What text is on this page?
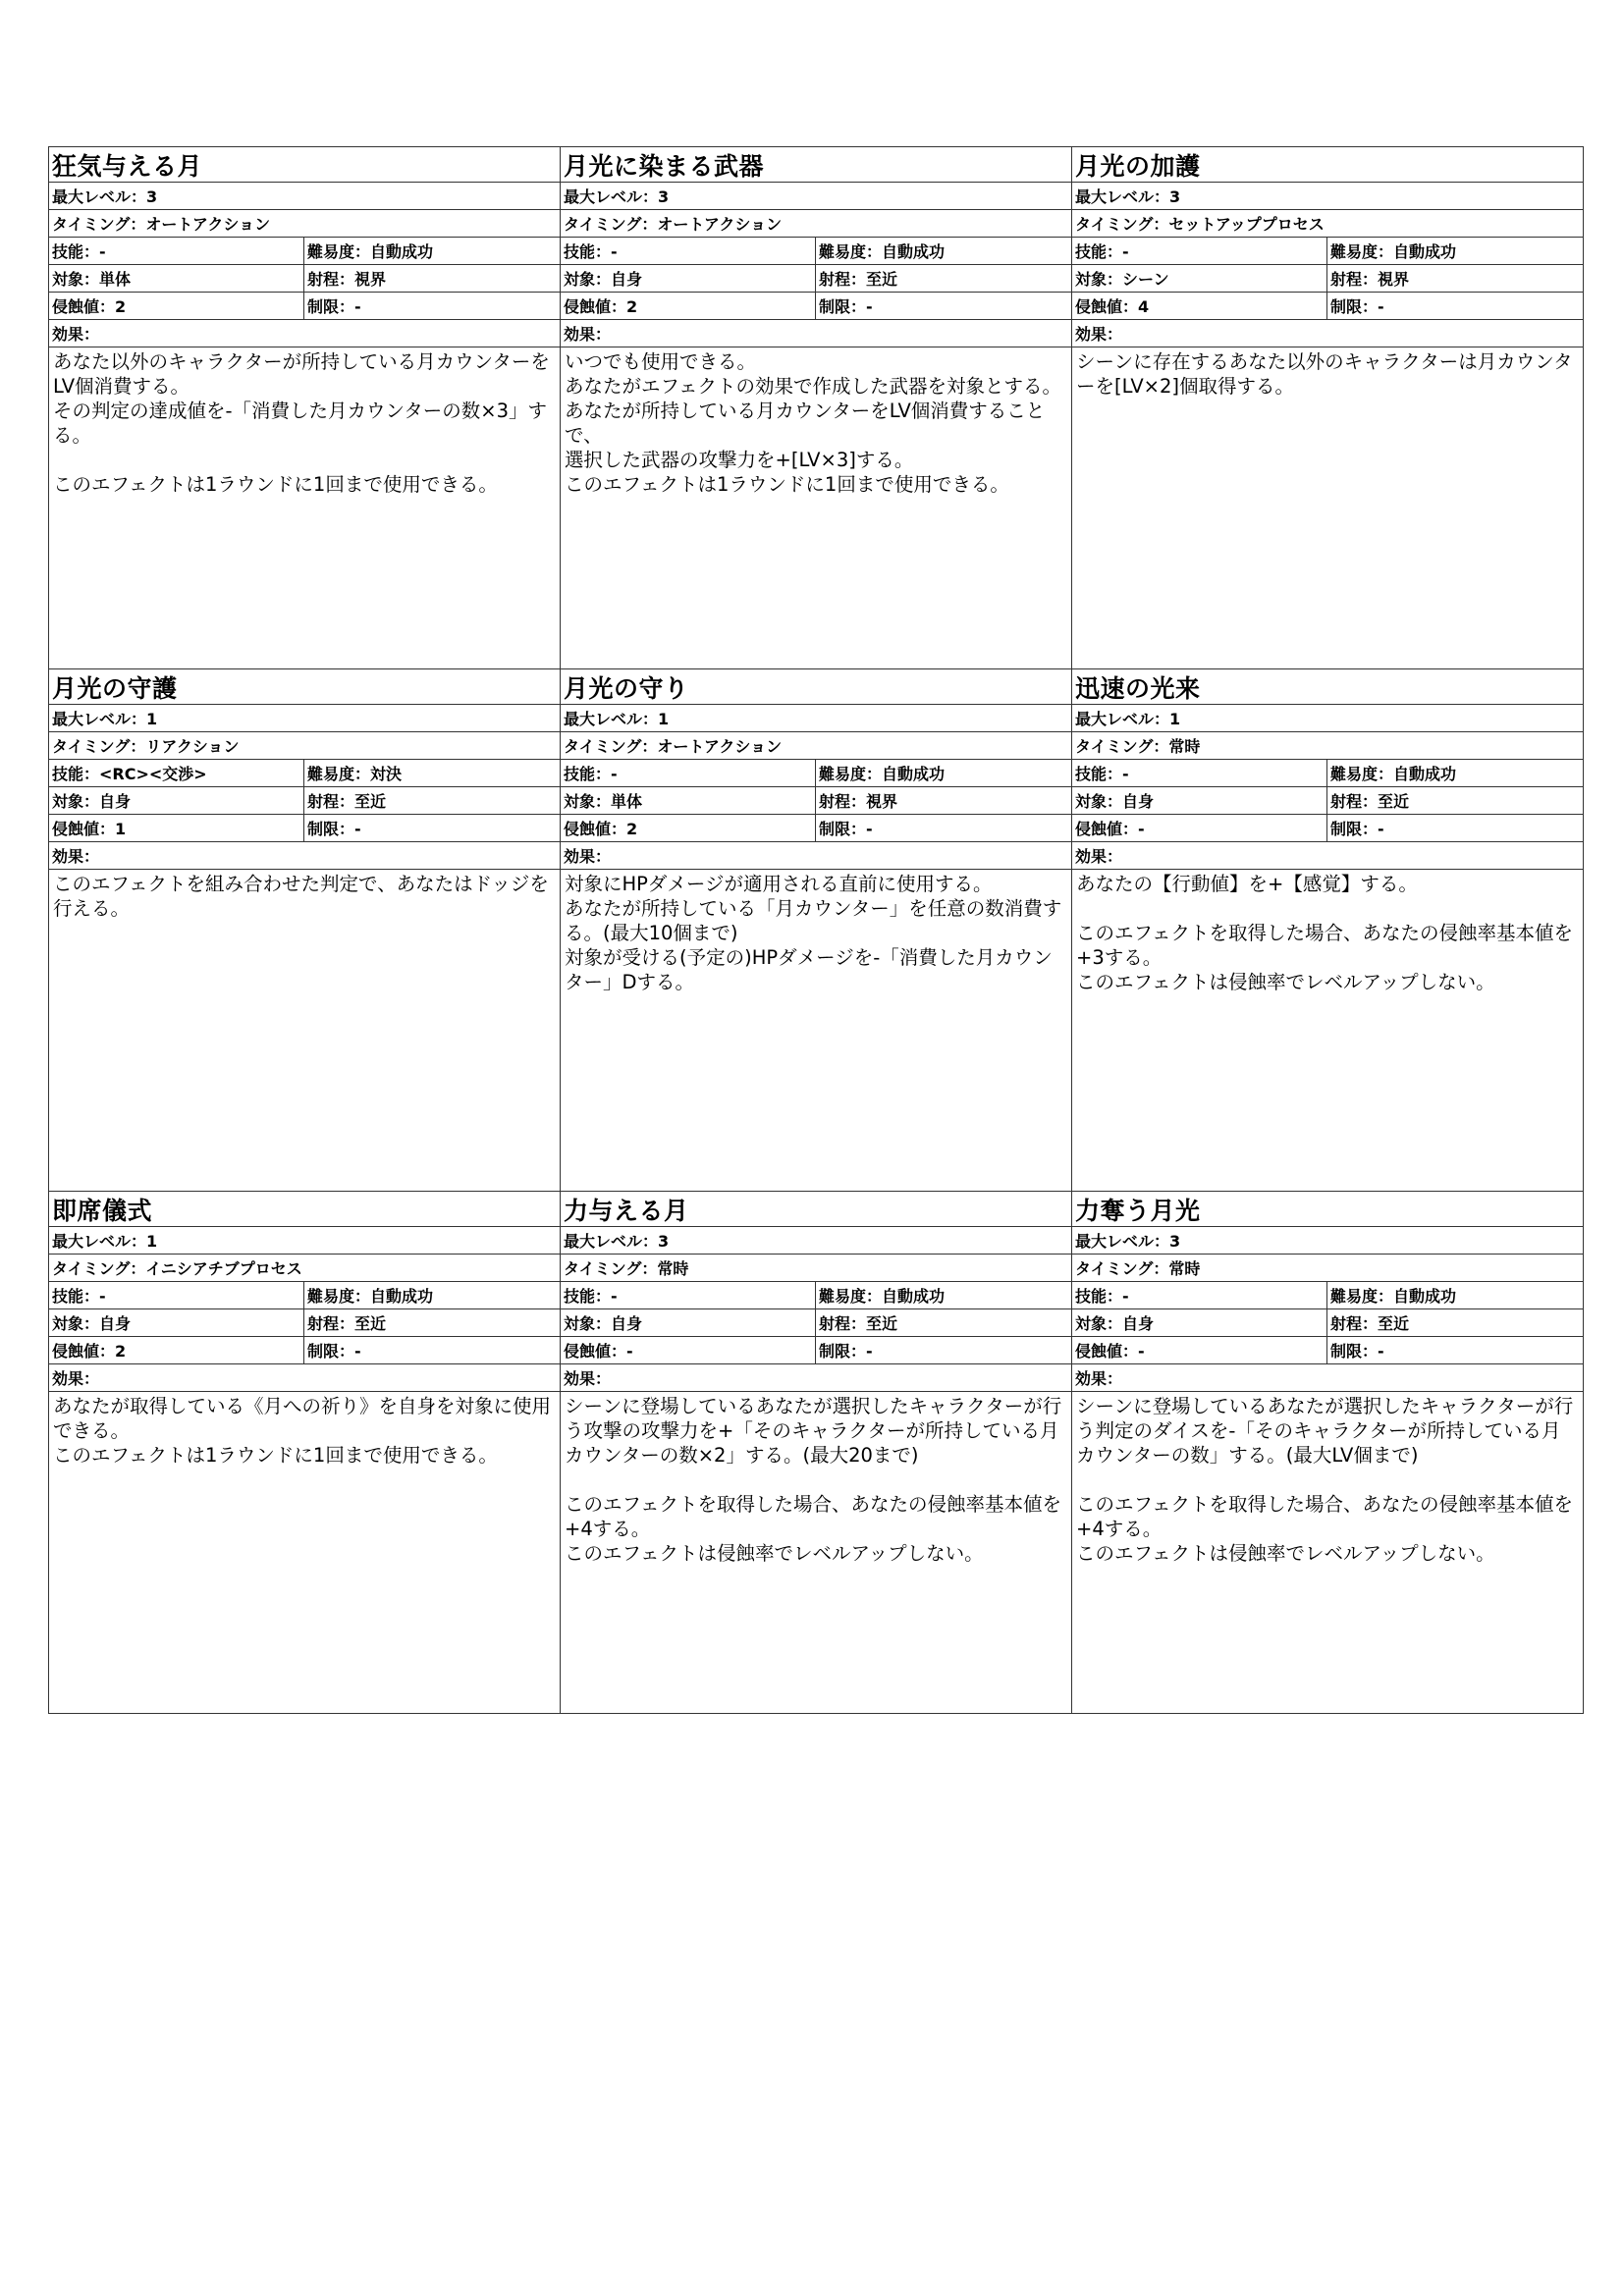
狂気与える月
最大レベル：3
タイミング：オートアクション
技能：-	難易度：自動成功
対象：単体	射程：視界
侵蝕値：2	制限：-
効果：
あなた以外のキャラクターが所持している月カウンターをLV個消費する。
その判定の達成値を-「消費した月カウンターの数×3」する。

このエフェクトは1ラウンドに1回まで使用できる。
月光に染まる武器
最大レベル：3
タイミング：オートアクション
技能：-	難易度：自動成功
対象：自身	射程：至近
侵蝕値：2	制限：-
効果：
いつでも使用できる。
あなたがエフェクトの効果で作成した武器を対象とする。
あなたが所持している月カウンターをLV個消費することで、
選択した武器の攻撃力を+[LV×3]する。
このエフェクトは1ラウンドに1回まで使用できる。
月光の加護
最大レベル：3
タイミング：セットアッププロセス
技能：-	難易度：自動成功
対象：シーン	射程：視界
侵蝕値：4	制限：-
効果：
シーンに存在するあなた以外のキャラクターは月カウンターを[LV×2]個取得する。
月光の守護
最大レベル：1
タイミング：リアクション
技能：<RC><交渉>	難易度：対決
対象：自身	射程：至近
侵蝕値：1	制限：-
効果：
このエフェクトを組み合わせた判定で、あなたはドッジを行える。
月光の守り
最大レベル：1
タイミング：オートアクション
技能：-	難易度：自動成功
対象：単体	射程：視界
侵蝕値：2	制限：-
効果：
対象にHPダメージが適用される直前に使用する。
あなたが所持している「月カウンター」を任意の数消費する。(最大10個まで)
対象が受ける(予定の)HPダメージを-「消費した月カウンター」Dする。
迅速の光来
最大レベル：1
タイミング：常時
技能：-	難易度：自動成功
対象：自身	射程：至近
侵蝕値：-	制限：-
効果：
あなたの【行動値】を+【感覚】する。

このエフェクトを取得した場合、あなたの侵蝕率基本値を+3する。
このエフェクトは侵蝕率でレベルアップしない。
即席儀式
最大レベル：1
タイミング：イニシアチブプロセス
技能：-	難易度：自動成功
対象：自身	射程：至近
侵蝕値：2	制限：-
効果：
あなたが取得している《月への祈り》を自身を対象に使用できる。
このエフェクトは1ラウンドに1回まで使用できる。
力与える月
最大レベル：3
タイミング：常時
技能：-	難易度：自動成功
対象：自身	射程：至近
侵蝕値：-	制限：-
効果：
シーンに登場しているあなたが選択したキャラクターが行う攻撃の攻撃力を+「そのキャラクターが所持している月カウンターの数×2」する。(最大20まで)

このエフェクトを取得した場合、あなたの侵蝕率基本値を+4する。
このエフェクトは侵蝕率でレベルアップしない。
力奪う月光
最大レベル：3
タイミング：常時
技能：-	難易度：自動成功
対象：自身	射程：至近
侵蝕値：-	制限：-
効果：
シーンに登場しているあなたが選択したキャラクターが行う判定のダイスを-「そのキャラクターが所持している月カウンターの数」する。(最大LV個まで)

このエフェクトを取得した場合、あなたの侵蝕率基本値を+4する。
このエフェクトは侵蝕率でレベルアップしない。
